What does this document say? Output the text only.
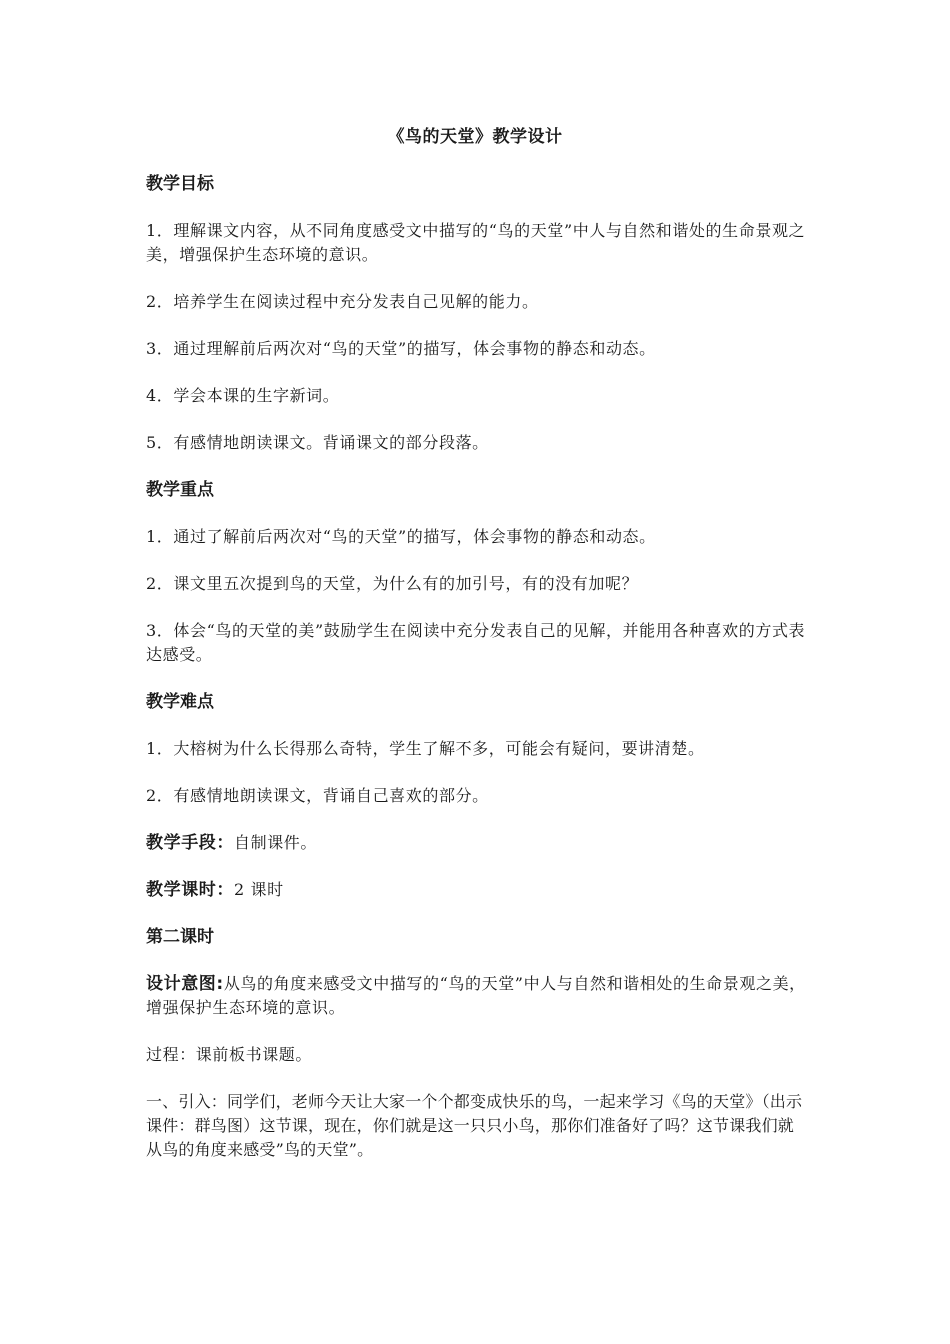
《鸟的天堂》教学设计
教学目标
1．理解课文内容，从不同角度感受文中描写的“鸟的天堂”中人与自然和谐处的生命景观之美，增强保护生态环境的意识。
2．培养学生在阅读过程中充分发表自己见解的能力。
3．通过理解前后两次对“鸟的天堂”的描写，体会事物的静态和动态。
4．学会本课的生字新词。
5．有感情地朗读课文。背诵课文的部分段落。
教学重点
1．通过了解前后两次对“鸟的天堂”的描写，体会事物的静态和动态。
2．课文里五次提到鸟的天堂，为什么有的加引号，有的没有加呢？
3．体会“鸟的天堂的美”鼓励学生在阅读中充分发表自己的见解，并能用各种喜欢的方式表达感受。
教学难点
1．大榕树为什么长得那么奇特，学生了解不多，可能会有疑问，要讲清楚。
2．有感情地朗读课文，背诵自己喜欢的部分。
教学手段：自制课件。
教学课时：2 课时
第二课时
设计意图:从鸟的角度来感受文中描写的“鸟的天堂”中人与自然和谐相处的生命景观之美，增强保护生态环境的意识。
过程：课前板书课题。
一、引入：同学们，老师今天让大家一个个都变成快乐的鸟，一起来学习《鸟的天堂》（出示课件：群鸟图）这节课，现在，你们就是这一只只小鸟，那你们准备好了吗？这节课我们就从鸟的角度来感受”鸟的天堂”。
